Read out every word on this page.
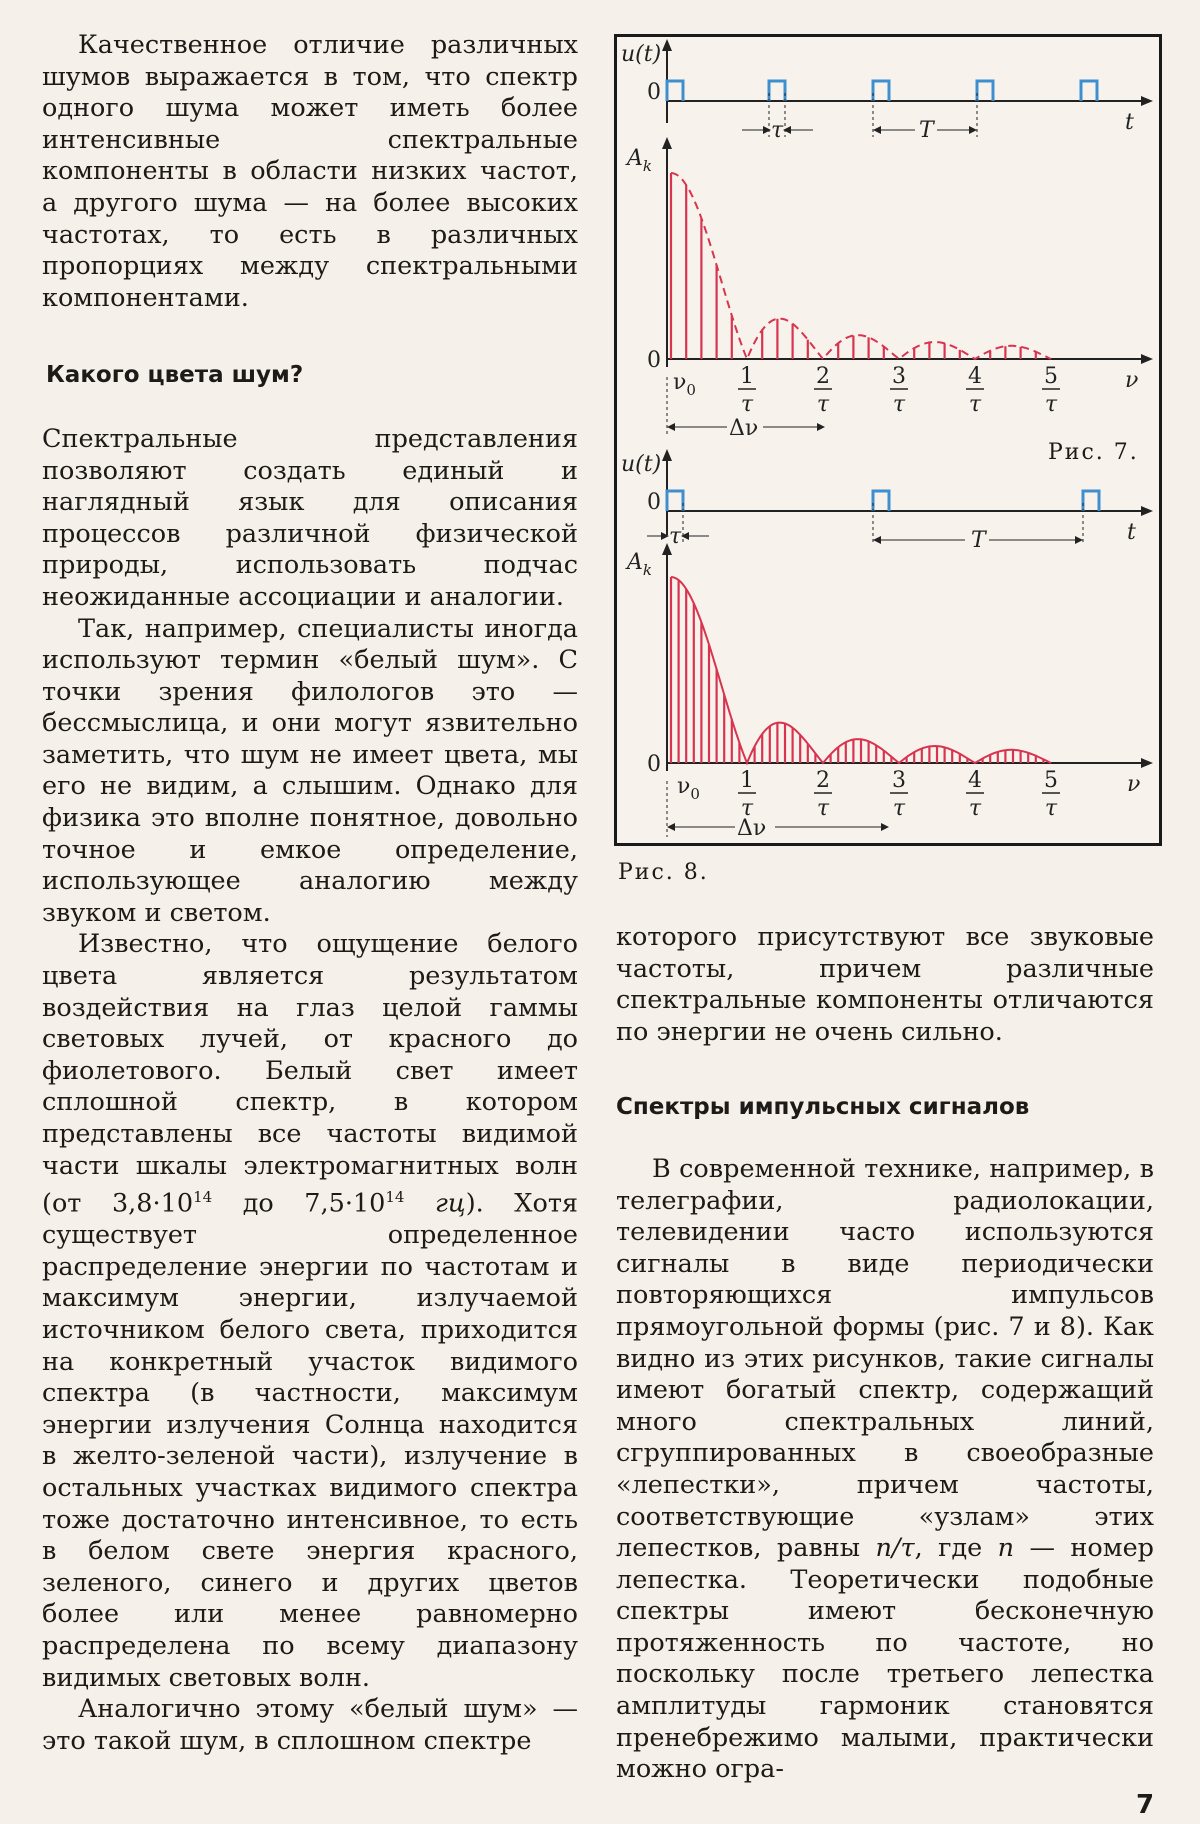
Качественное отличие различных шумов выражается в том, что спектр одного шума может иметь более интенсивные спектральные компоненты в области низких частот, а другого шума — на более высоких частотах, то есть в различных пропорциях между спектральными компонентами.

Какого цвета шум?

Спектральные представления позволяют создать единый и наглядный язык для описания процессов различной физической природы, использовать подчас неожиданные ассоциации и аналогии.

Так, например, специалисты иногда используют термин «белый шум». С точки зрения филологов это — бессмыслица, и они могут язвительно заметить, что шум не имеет цвета, мы его не видим, а слышим. Однако для физика это вполне понятное, довольно точное и емкое определение, использующее аналогию между звуком и светом.

Известно, что ощущение белого цвета является результатом воздействия на глаз целой гаммы световых лучей, от красного до фиолетового. Белый свет имеет сплошной спектр, в котором представлены все частоты видимой части шкалы электромагнитных волн (от $3,8\cdot 10^{14}$ до $7,5\cdot 10^{14}$ гц). Хотя существует определенное распределение энергии по частотам и максимум энергии, излучаемой источником белого света, приходится на конкретный участок видимого спектра (в частности, максимум энергии излучения Солнца находится в желто-зеленой части), излучение в остальных участках видимого спектра тоже достаточно интенсивное, то есть в белом свете энергия красного, зеленого, синего и других цветов более или менее равномерно распределена по всему диапазону видимых световых волн.

Аналогично этому «белый шум» — это такой шум, в сплошном спектре

u(t)
0
t
τ	T
$A_k$
0
ν
$\nu_0$
1
τ
2
τ
3
τ
4
τ
5
τ
Δν
u(t)
0
t
τ	T
$A_k$
0
ν
$\nu_0$
1
τ
2
τ
3
τ
4
τ
5
τ
Δν
Рис. 7.
Рис. 8.

которого присутствуют все звуковые частоты, причем различные спектральные компоненты отличаются по энергии не очень сильно.

Спектры импульсных сигналов

В современной технике, например, в телеграфии, радиолокации, телевидении часто используются сигналы в виде периодически повторяющихся импульсов прямоугольной формы (рис. 7 и 8). Как видно из этих рисунков, такие сигналы имеют богатый спектр, содержащий много спектральных линий, сгруппированных в своеобразные «лепестки», причем частоты, соответствующие «узлам» этих лепестков, равны n/τ, где n — номер лепестка. Теоретически подобные спектры имеют бесконечную протяженность по частоте, но поскольку после третьего лепестка амплитуды гармоник становятся пренебрежимо малыми, практически можно огра-

7
